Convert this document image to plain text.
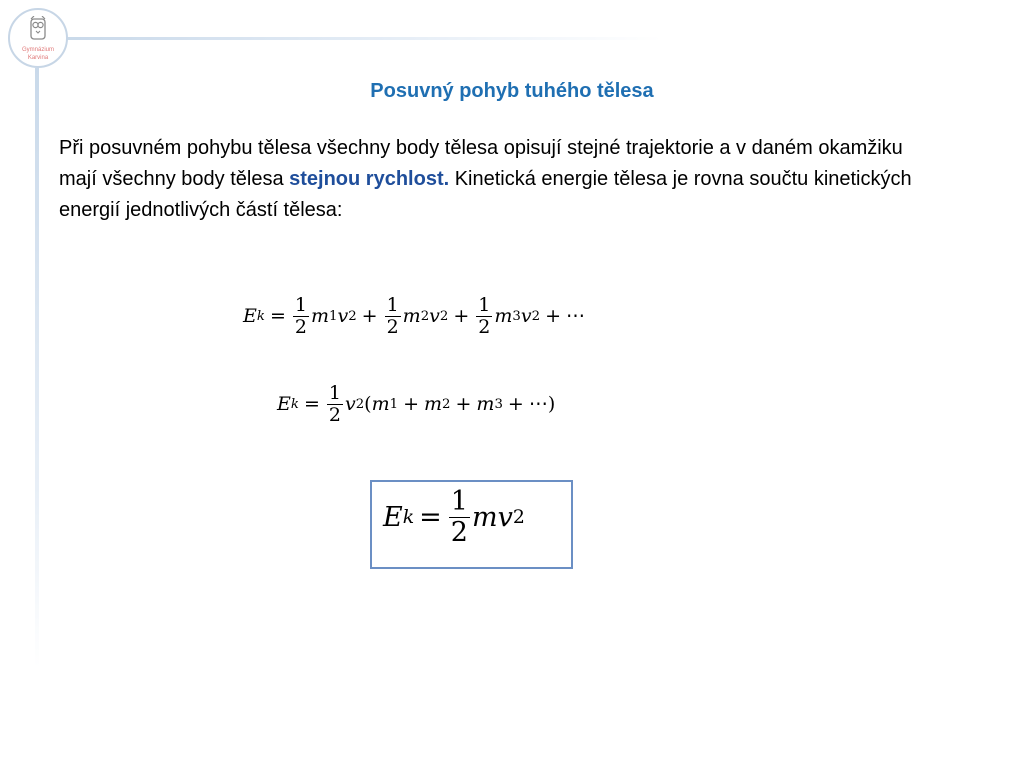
Gymnázium
Karvina
Posuvný pohyb tuhého tělesa
Při posuvném pohybu tělesa všechny body tělesa opisují stejné trajektorie a v daném okamžiku mají všechny body tělesa stejnou rychlost. Kinetická energie tělesa je rovna součtu kinetických energií jednotlivých částí tělesa:
E $k = \frac{1}{2}$ m 1 v $2 + \frac{1}{2}$ m 2 v $2 + \frac{1}{2}$ m 3 v 2 + ⋯
E $k = \frac{1}{2}$ v 2 ( m 1 + m 2 + m 3 + ⋯)
E $k = \frac{1}{2}$ m v 2
